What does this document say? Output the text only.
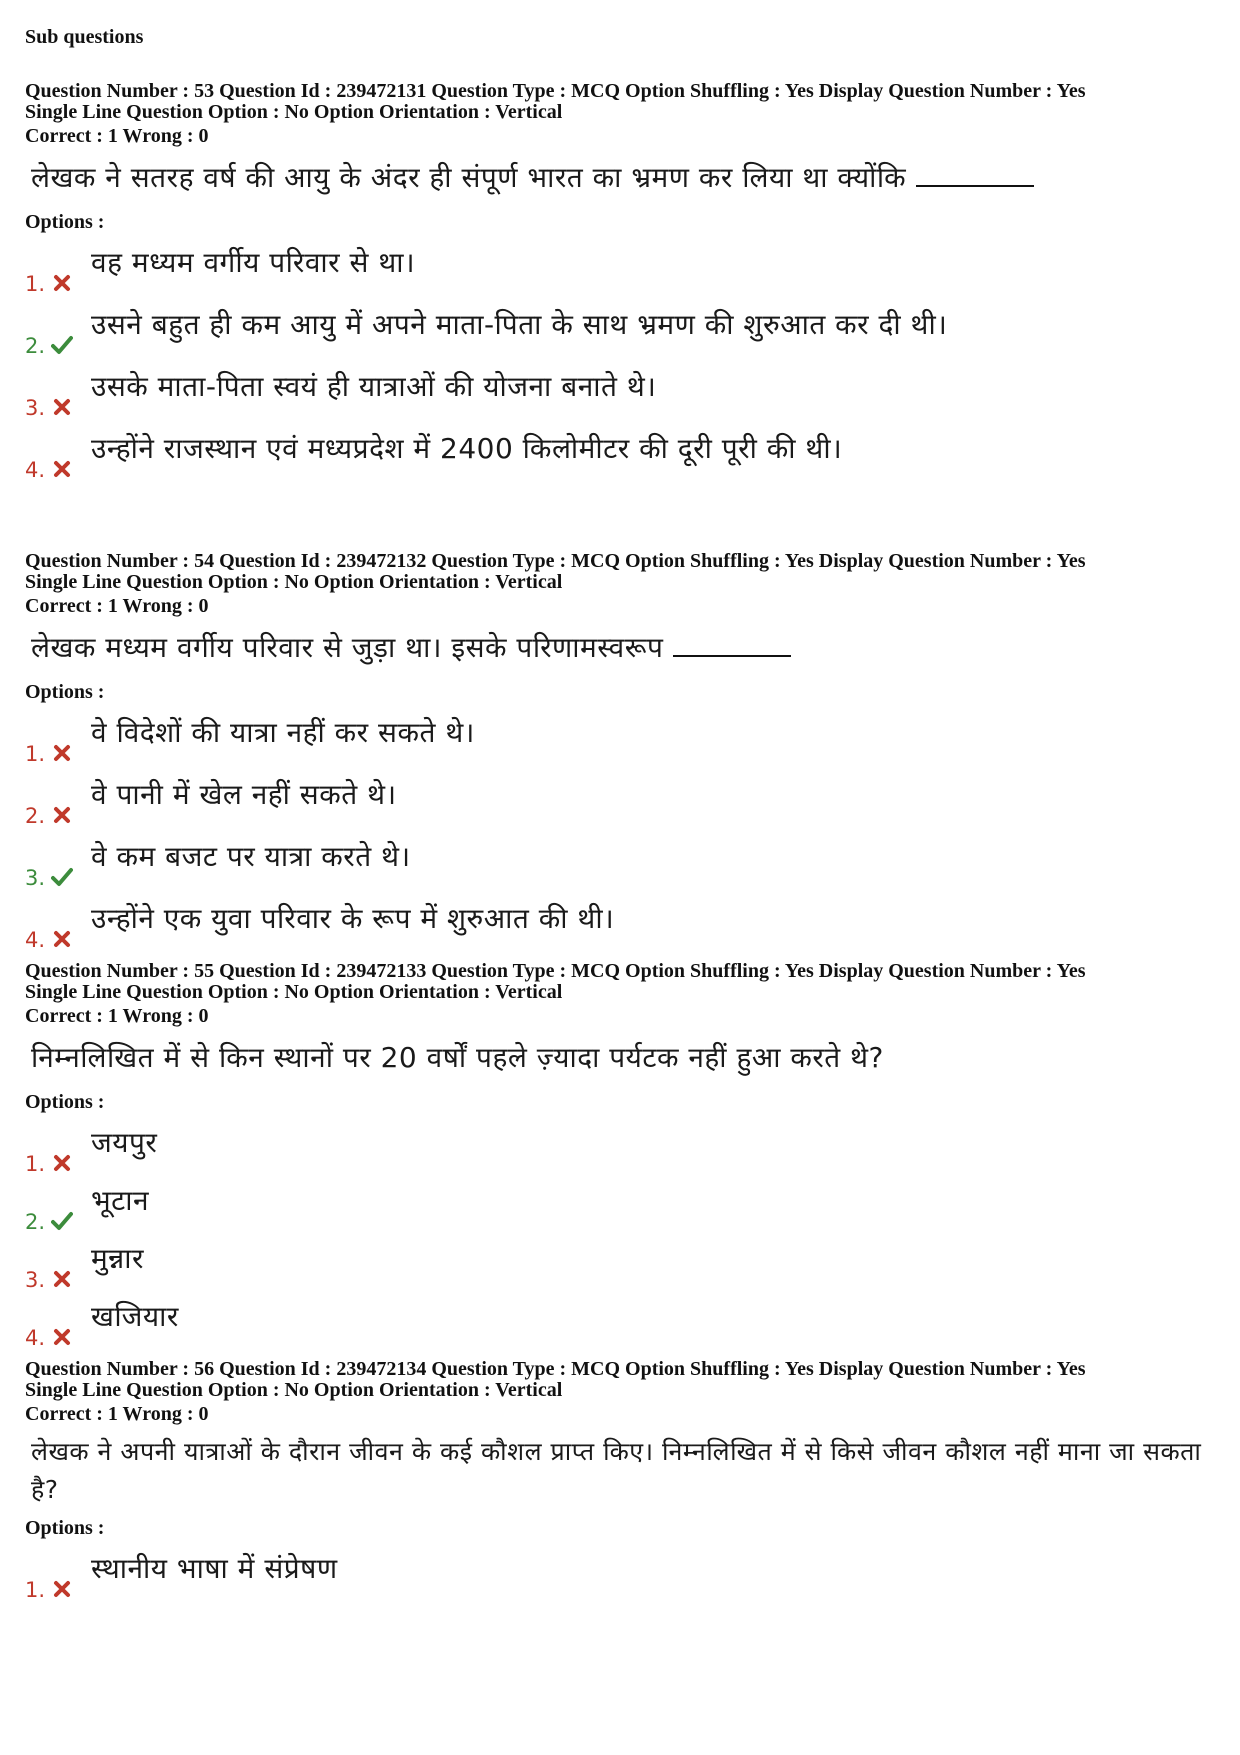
Sub questions
Question Number : 53 Question Id : 239472131 Question Type : MCQ Option Shuffling : Yes Display Question Number : Yes
Single Line Question Option : No Option Orientation : Vertical
Correct : 1 Wrong : 0
लेखक ने सतरह वर्ष की आयु के अंदर ही संपूर्ण भारत का भ्रमण कर लिया था क्योंकि
Options :
1.
वह मध्यम वर्गीय परिवार से था।
2.
उसने बहुत ही कम आयु में अपने माता-पिता के साथ भ्रमण की शुरुआत कर दी थी।
3.
उसके माता-पिता स्वयं ही यात्राओं की योजना बनाते थे।
4.
उन्होंने राजस्थान एवं मध्यप्रदेश में 2400 किलोमीटर की दूरी पूरी की थी।
Question Number : 54 Question Id : 239472132 Question Type : MCQ Option Shuffling : Yes Display Question Number : Yes
Single Line Question Option : No Option Orientation : Vertical
Correct : 1 Wrong : 0
लेखक मध्यम वर्गीय परिवार से जुड़ा था। इसके परिणामस्वरूप
Options :
1.
वे विदेशों की यात्रा नहीं कर सकते थे।
2.
वे पानी में खेल नहीं सकते थे।
3.
वे कम बजट पर यात्रा करते थे।
4.
उन्होंने एक युवा परिवार के रूप में शुरुआत की थी।
Question Number : 55 Question Id : 239472133 Question Type : MCQ Option Shuffling : Yes Display Question Number : Yes
Single Line Question Option : No Option Orientation : Vertical
Correct : 1 Wrong : 0
निम्नलिखित में से किन स्थानों पर 20 वर्षों पहले ज़्यादा पर्यटक नहीं हुआ करते थे?
Options :
1.
जयपुर
2.
भूटान
3.
मुन्नार
4.
खजियार
Question Number : 56 Question Id : 239472134 Question Type : MCQ Option Shuffling : Yes Display Question Number : Yes
Single Line Question Option : No Option Orientation : Vertical
Correct : 1 Wrong : 0
लेखक ने अपनी यात्राओं के दौरान जीवन के कई कौशल प्राप्त किए। निम्नलिखित में से किसे जीवन कौशल नहीं माना जा सकता है?
Options :
1.
स्थानीय भाषा में संप्रेषण
